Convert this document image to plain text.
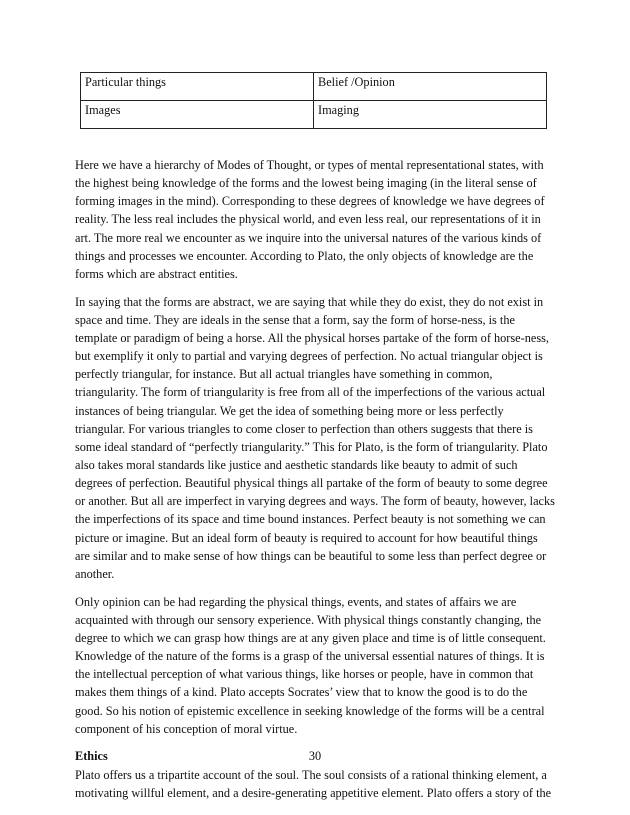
Particular things	Belief /Opinion
Images	Imaging

Here we have a hierarchy of Modes of Thought, or types of mental representational states, with the highest being knowledge of the forms and the lowest being imaging (in the literal sense of forming images in the mind). Corresponding to these degrees of knowledge we have degrees of reality. The less real includes the physical world, and even less real, our representations of it in art. The more real we encounter as we inquire into the universal natures of the various kinds of things and processes we encounter. According to Plato, the only objects of knowledge are the forms which are abstract entities.

In saying that the forms are abstract, we are saying that while they do exist, they do not exist in space and time. They are ideals in the sense that a form, say the form of horse-ness, is the template or paradigm of being a horse. All the physical horses partake of the form of horse-ness, but exemplify it only to partial and varying degrees of perfection. No actual triangular object is perfectly triangular, for instance. But all actual triangles have something in common, triangularity. The form of triangularity is free from all of the imperfections of the various actual instances of being triangular. We get the idea of something being more or less perfectly triangular. For various triangles to come closer to perfection than others suggests that there is some ideal standard of “perfectly triangularity.” This for Plato, is the form of triangularity. Plato also takes moral standards like justice and aesthetic standards like beauty to admit of such degrees of perfection. Beautiful physical things all partake of the form of beauty to some degree or another. But all are imperfect in varying degrees and ways. The form of beauty, however, lacks the imperfections of its space and time bound instances. Perfect beauty is not something we can picture or imagine. But an ideal form of beauty is required to account for how beautiful things are similar and to make sense of how things can be beautiful to some less than perfect degree or another.

Only opinion can be had regarding the physical things, events, and states of affairs we are acquainted with through our sensory experience. With physical things constantly changing, the degree to which we can grasp how things are at any given place and time is of little consequent. Knowledge of the nature of the forms is a grasp of the universal essential natures of things. It is the intellectual perception of what various things, like horses or people, have in common that makes them things of a kind. Plato accepts Socrates’ view that to know the good is to do the good. So his notion of epistemic excellence in seeking knowledge of the forms will be a central component of his conception of moral virtue.

Ethics

Plato offers us a tripartite account of the soul. The soul consists of a rational thinking element, a motivating willful element, and a desire-generating appetitive element. Plato offers a story of the

30
